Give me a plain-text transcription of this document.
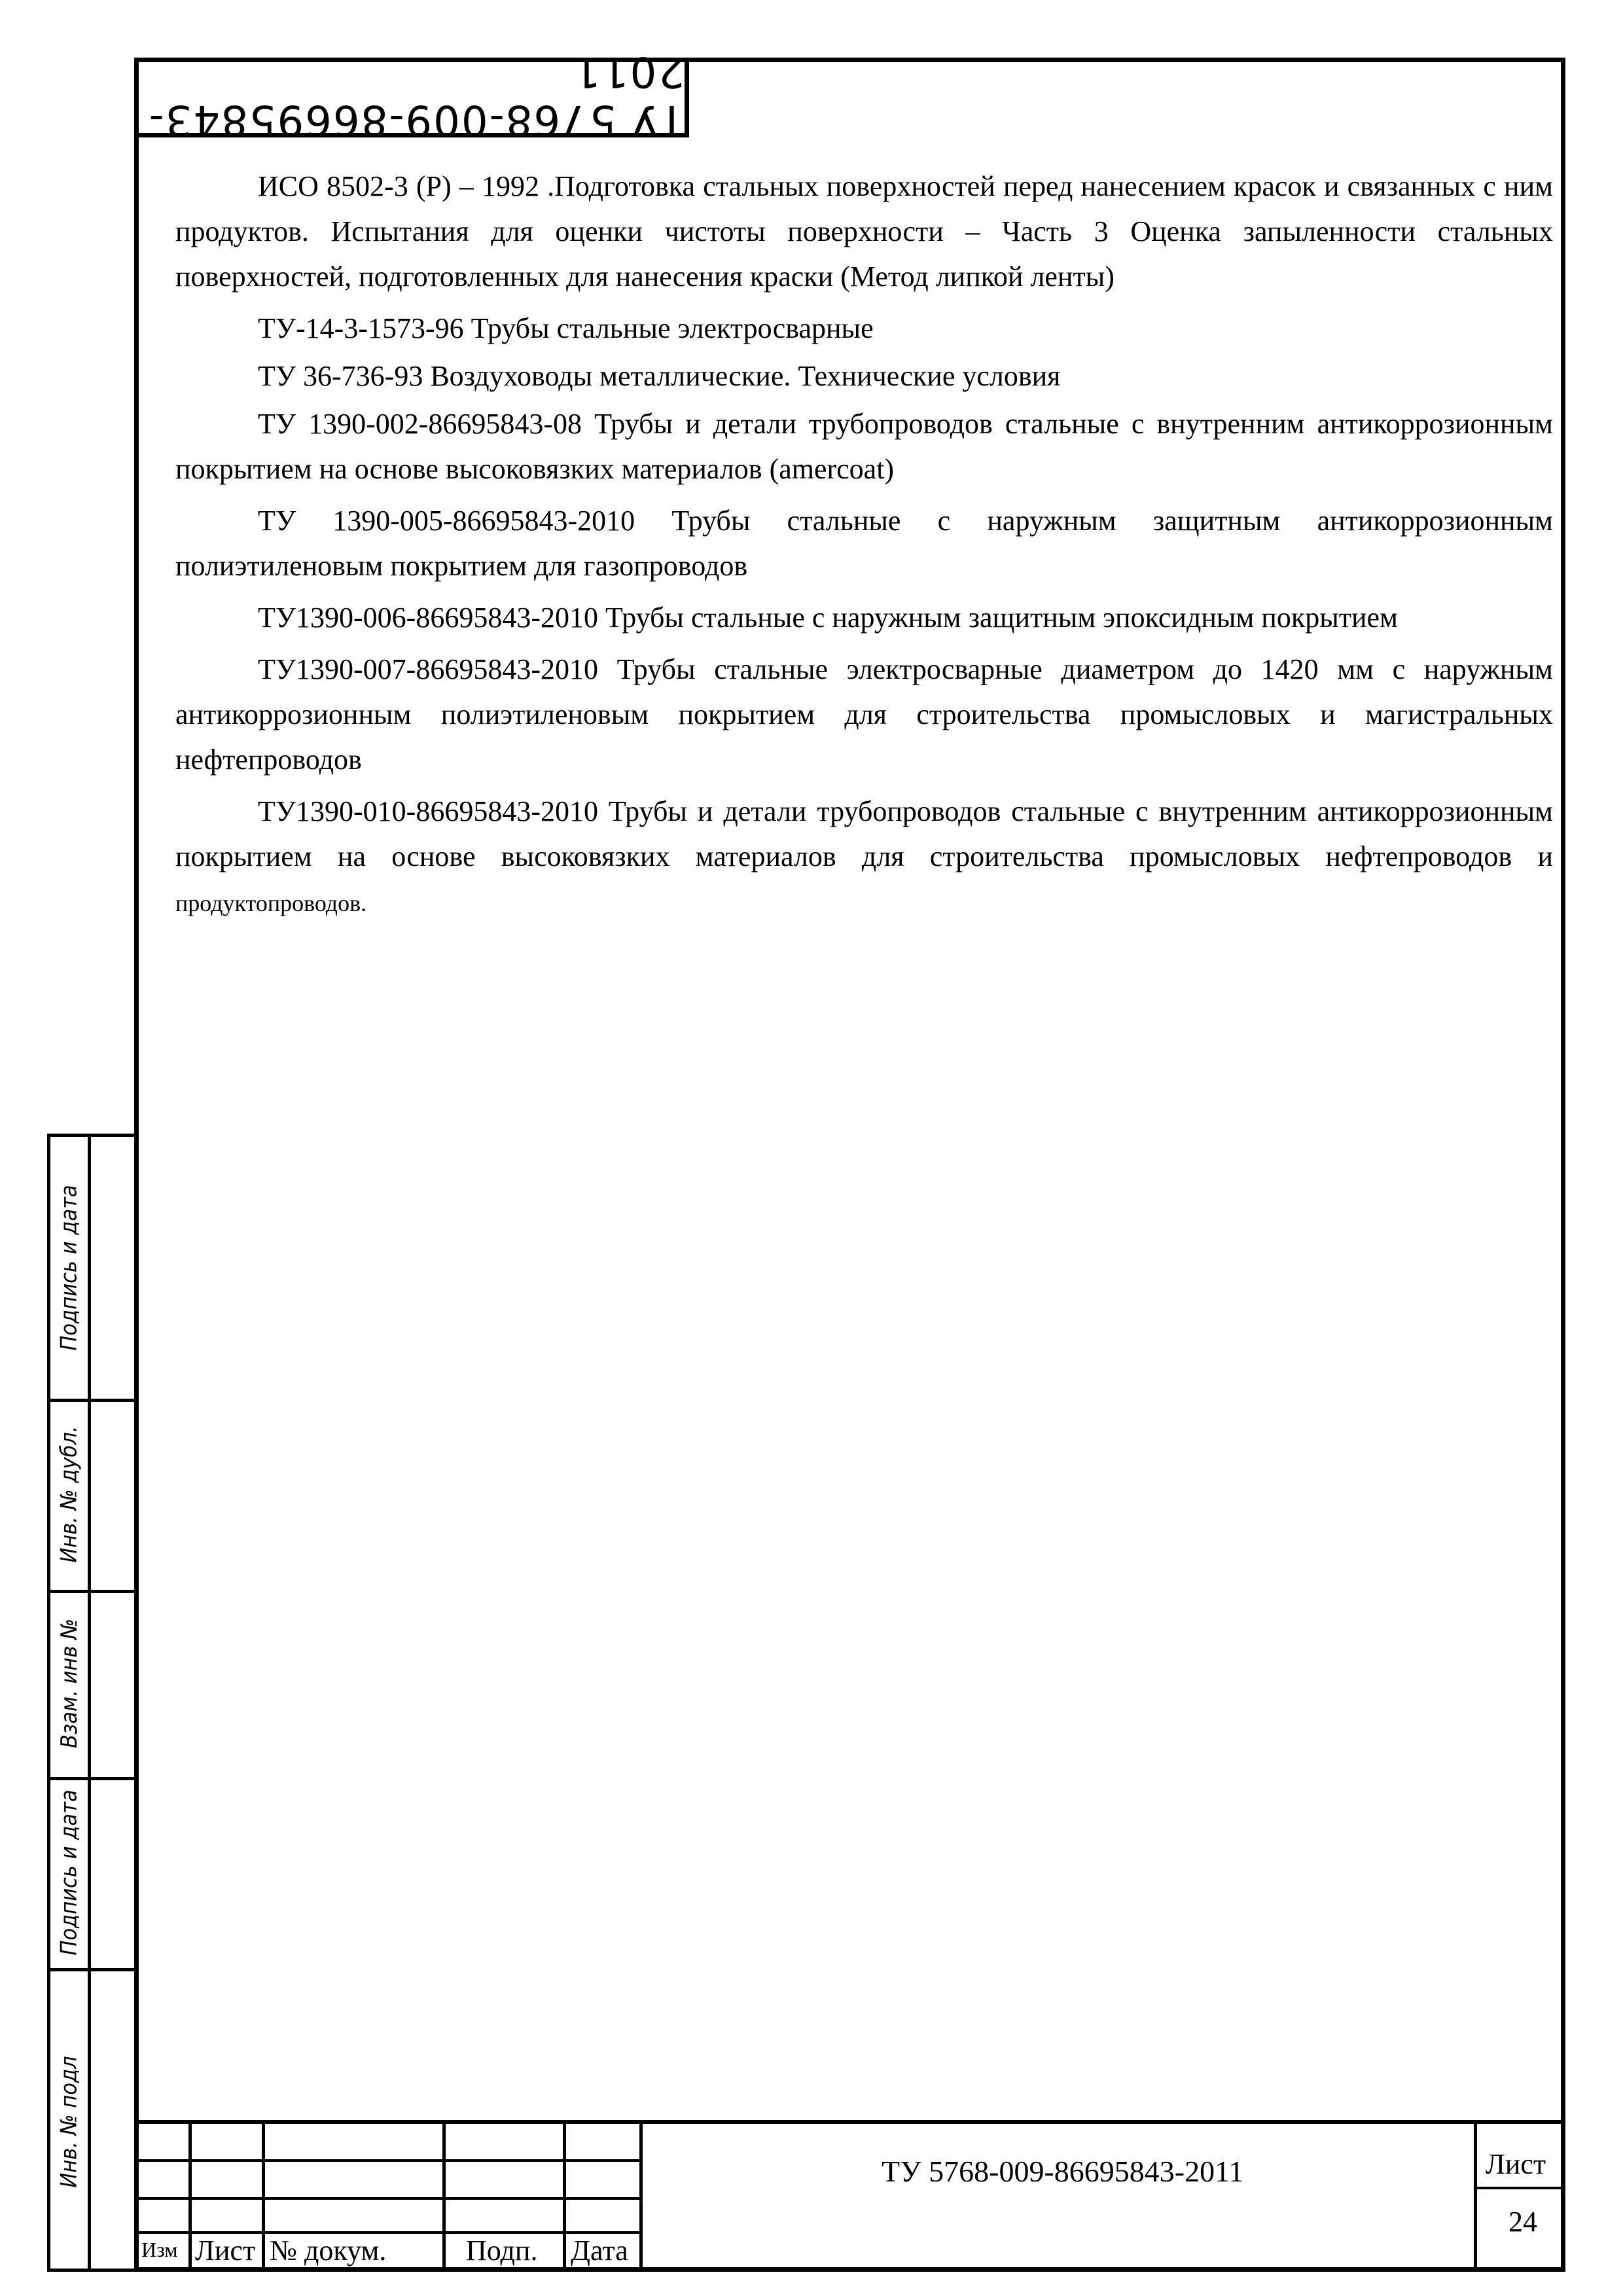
ТУ 5768-009-86695843-2011

ИСО 8502-3 (Р) – 1992 .Подготовка стальных поверхностей перед нанесением красок и связанных с ним продуктов. Испытания для оценки чистоты поверхности – Часть 3 Оценка запыленности стальных поверхностей, подготовленных для нанесения краски (Метод липкой ленты)

ТУ-14-3-1573-96 Трубы стальные электросварные

ТУ 36-736-93 Воздуховоды металлические. Технические условия

ТУ 1390-002-86695843-08 Трубы и детали трубопроводов стальные с внутренним антикоррозионным покрытием на основе высоковязких материалов (amercoat)

ТУ 1390-005-86695843-2010 Трубы стальные с наружным защитным антикоррозионным полиэтиленовым покрытием для газопроводов

ТУ1390-006-86695843-2010 Трубы стальные с наружным защитным эпоксидным покрытием

ТУ1390-007-86695843-2010 Трубы стальные электросварные диаметром до 1420 мм с наружным антикоррозионным полиэтиленовым покрытием для строительства промысловых и магистральных нефтепроводов

ТУ1390-010-86695843-2010 Трубы и детали трубопроводов стальные с внутренним антикоррозионным покрытием на основе высоковязких материалов для строительства промысловых нефтепроводов и продуктопроводов.

Подпись и дата
Инв. № дубл.
Взам. инв №
Подпись и дата
Инв. № подл
Изм Лист № докум.	Подп. Дата
ТУ 5768-009-86695843-2011	Лист
24
